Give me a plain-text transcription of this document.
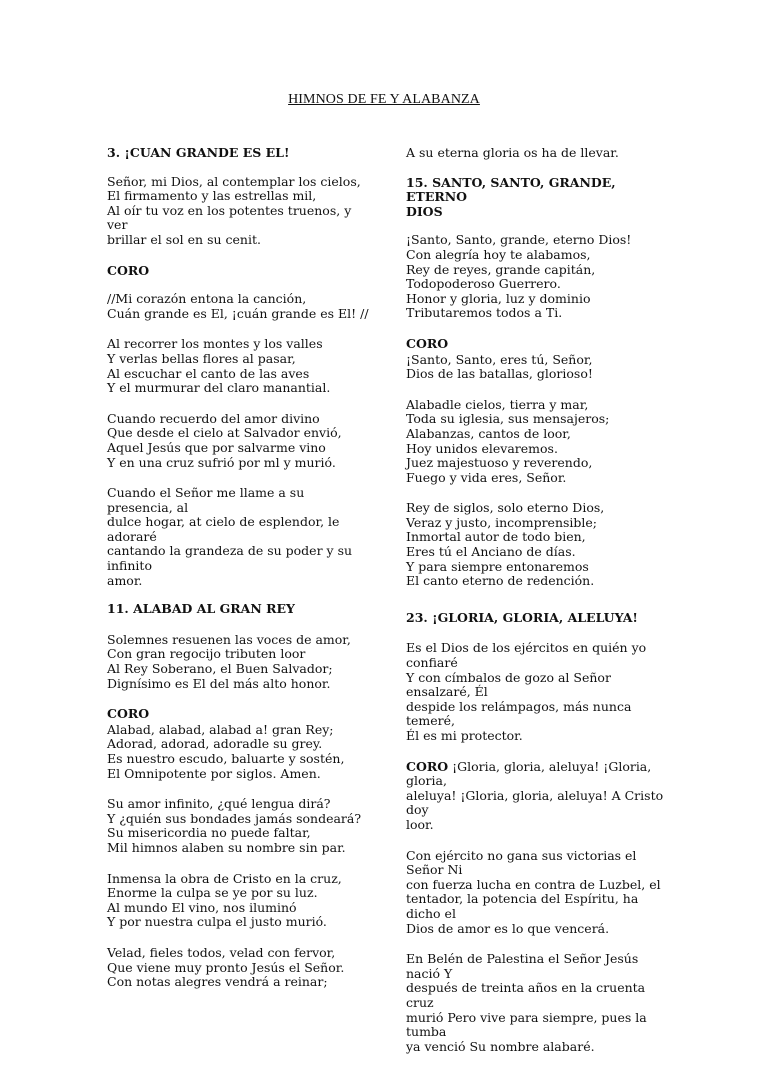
HIMNOS DE FE Y ALABANZA
3. ¡CUAN GRANDE ES EL!
Señor, mi Dios, al contemplar los cielos,
El firmamento y las estrellas mil,
Al oír tu voz en los potentes truenos, y ver
brillar el sol en su cenit.
CORO
//Mi corazón entona la canción,
Cuán grande es El, ¡cuán grande es El! //
Al recorrer los montes y los valles
Y verlas bellas flores al pasar,
Al escuchar el canto de las aves
Y el murmurar del claro manantial.
Cuando recuerdo del amor divino
Que desde el cielo at Salvador envió,
Aquel Jesús que por salvarme vino
Y en una cruz sufrió por ml y murió.
Cuando el Señor me llame a su presencia, al
dulce hogar, at cielo de esplendor, le adoraré
cantando la grandeza de su poder y su infinito
amor.
11. ALABAD AL GRAN REY
Solemnes resuenen las voces de amor,
Con gran regocijo tributen loor
Al Rey Soberano, el Buen Salvador;
Dignísimo es El del más alto honor.
CORO
Alabad, alabad, alabad a! gran Rey;
Adorad, adorad, adoradle su grey.
Es nuestro escudo, baluarte y sostén,
El Omnipotente por siglos. Amen.
Su amor infinito, ¿qué lengua dirá?
Y ¿quién sus bondades jamás sondeará?
Su misericordia no puede faltar,
Mil himnos alaben su nombre sin par.
Inmensa la obra de Cristo en la cruz,
Enorme la culpa se ye por su luz.
Al mundo El vino, nos iluminó
Y por nuestra culpa el justo murió.
Velad, fieles todos, velad con fervor,
Que viene muy pronto Jesús el Señor.
Con notas alegres vendrá a reinar;
A su eterna gloria os ha de llevar.
15. SANTO, SANTO, GRANDE, ETERNO
DIOS
¡Santo, Santo, grande, eterno Dios!
Con alegría hoy te alabamos,
Rey de reyes, grande capitán,
Todopoderoso Guerrero.
Honor y gloria, luz y dominio
Tributaremos todos a Ti.
CORO
¡Santo, Santo, eres tú, Señor,
Dios de las batallas, glorioso!
Alabadle cielos, tierra y mar,
Toda su iglesia, sus mensajeros;
Alabanzas, cantos de loor,
Hoy unidos elevaremos.
Juez majestuoso y reverendo,
Fuego y vida eres, Señor.
Rey de siglos, solo eterno Dios,
Veraz y justo, incomprensible;
Inmortal autor de todo bien,
Eres tú el Anciano de días.
Y para siempre entonaremos
El canto eterno de redención.
23. ¡GLORIA, GLORIA, ALELUYA!
Es el Dios de los ejércitos en quién yo confiaré
Y con címbalos de gozo al Señor ensalzaré, Él
despide los relámpagos, más nunca temeré,
Él es mi protector.
CORO ¡Gloria, gloria, aleluya! ¡Gloria, gloria,
aleluya! ¡Gloria, gloria, aleluya! A Cristo doy
loor.
Con ejército no gana sus victorias el Señor Ni
con fuerza lucha en contra de Luzbel, el
tentador, la potencia del Espíritu, ha dicho el
Dios de amor es lo que vencerá.
En Belén de Palestina el Señor Jesús nació Y
después de treinta años en la cruenta cruz
murió Pero vive para siempre, pues la tumba
ya venció Su nombre alabaré.
